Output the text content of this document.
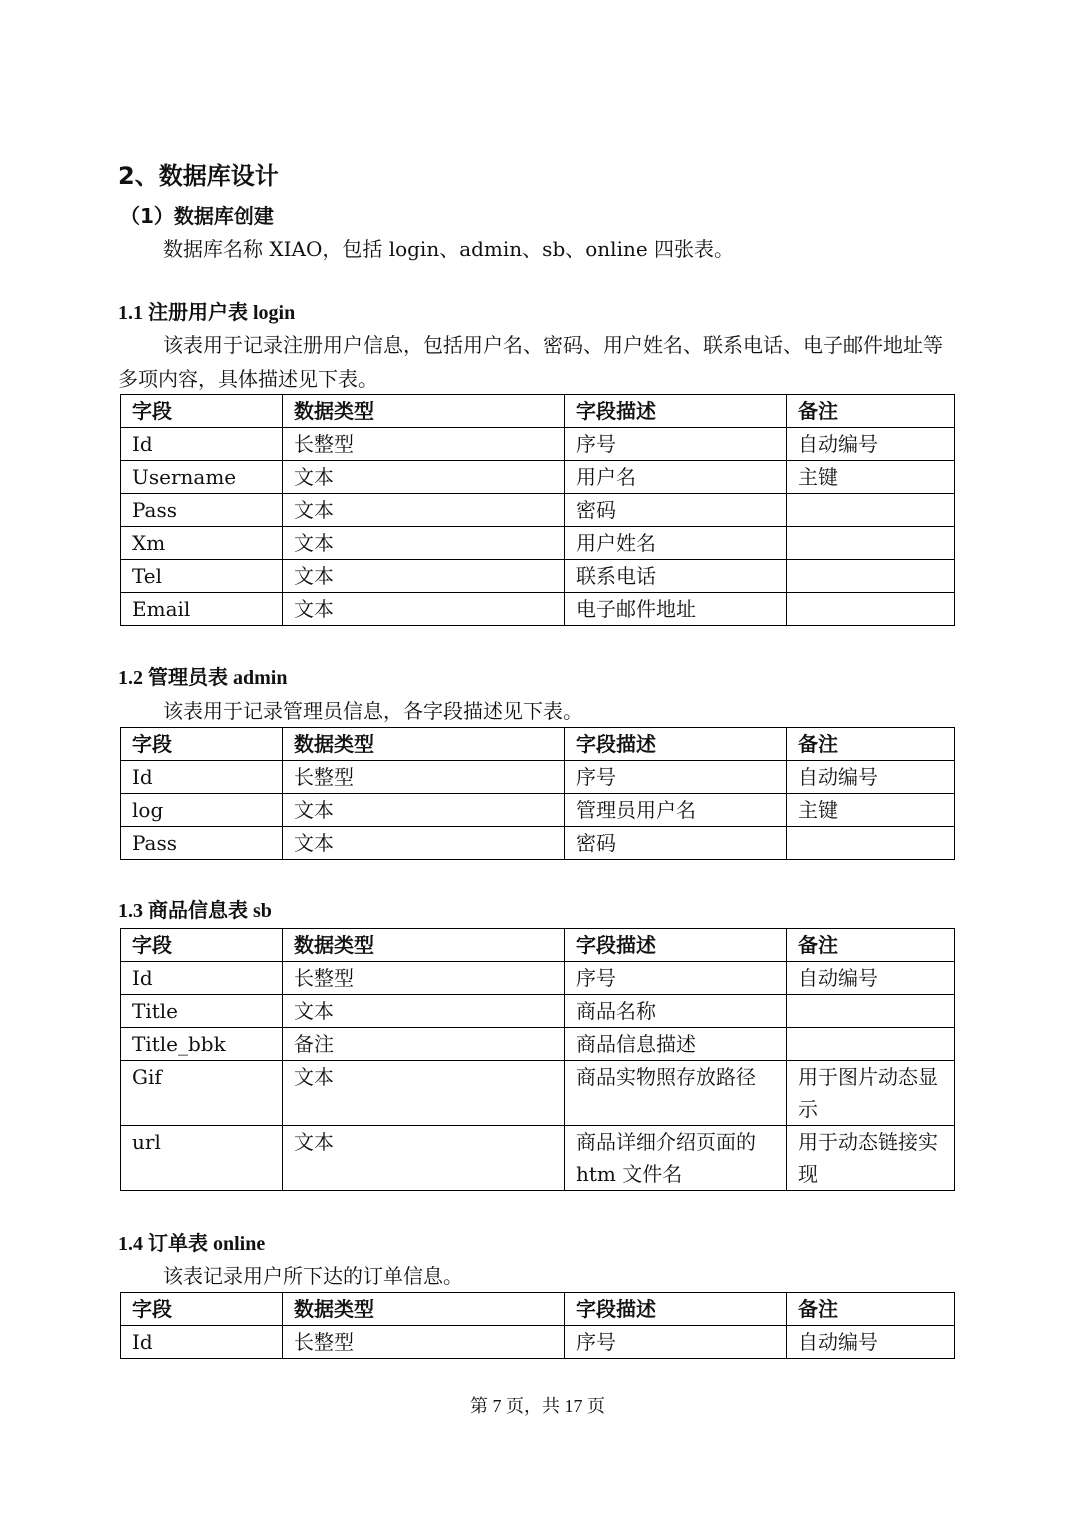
2、数据库设计
（1）数据库创建

数据库名称 XIAO，包括 login、admin、sb、online 四张表。

1.1 注册用户表 login

该表用于记录注册用户信息，包括用户名、密码、用户姓名、联系电话、电子邮件地址等多项内容，具体描述见下表。

字段	数据类型	字段描述	备注
Id	长整型	序号	自动编号
Username	文本	用户名	主键
Pass	文本	密码	
Xm	文本	用户姓名	
Tel	文本	联系电话	
Email	文本	电子邮件地址	
1.2 管理员表 admin

该表用于记录管理员信息，各字段描述见下表。

字段	数据类型	字段描述	备注
Id	长整型	序号	自动编号
log	文本	管理员用户名	主键
Pass	文本	密码	
1.3 商品信息表 sb
字段	数据类型	字段描述	备注
Id	长整型	序号	自动编号
Title	文本	商品名称	
Title_bbk	备注	商品信息描述	
Gif	文本	商品实物照存放路径	用于图片动态显示
url	文本	商品详细介绍页面的 htm 文件名	用于动态链接实现
1.4 订单表 online

该表记录用户所下达的订单信息。

字段	数据类型	字段描述	备注
Id	长整型	序号	自动编号
第 7 页，共 17 页
